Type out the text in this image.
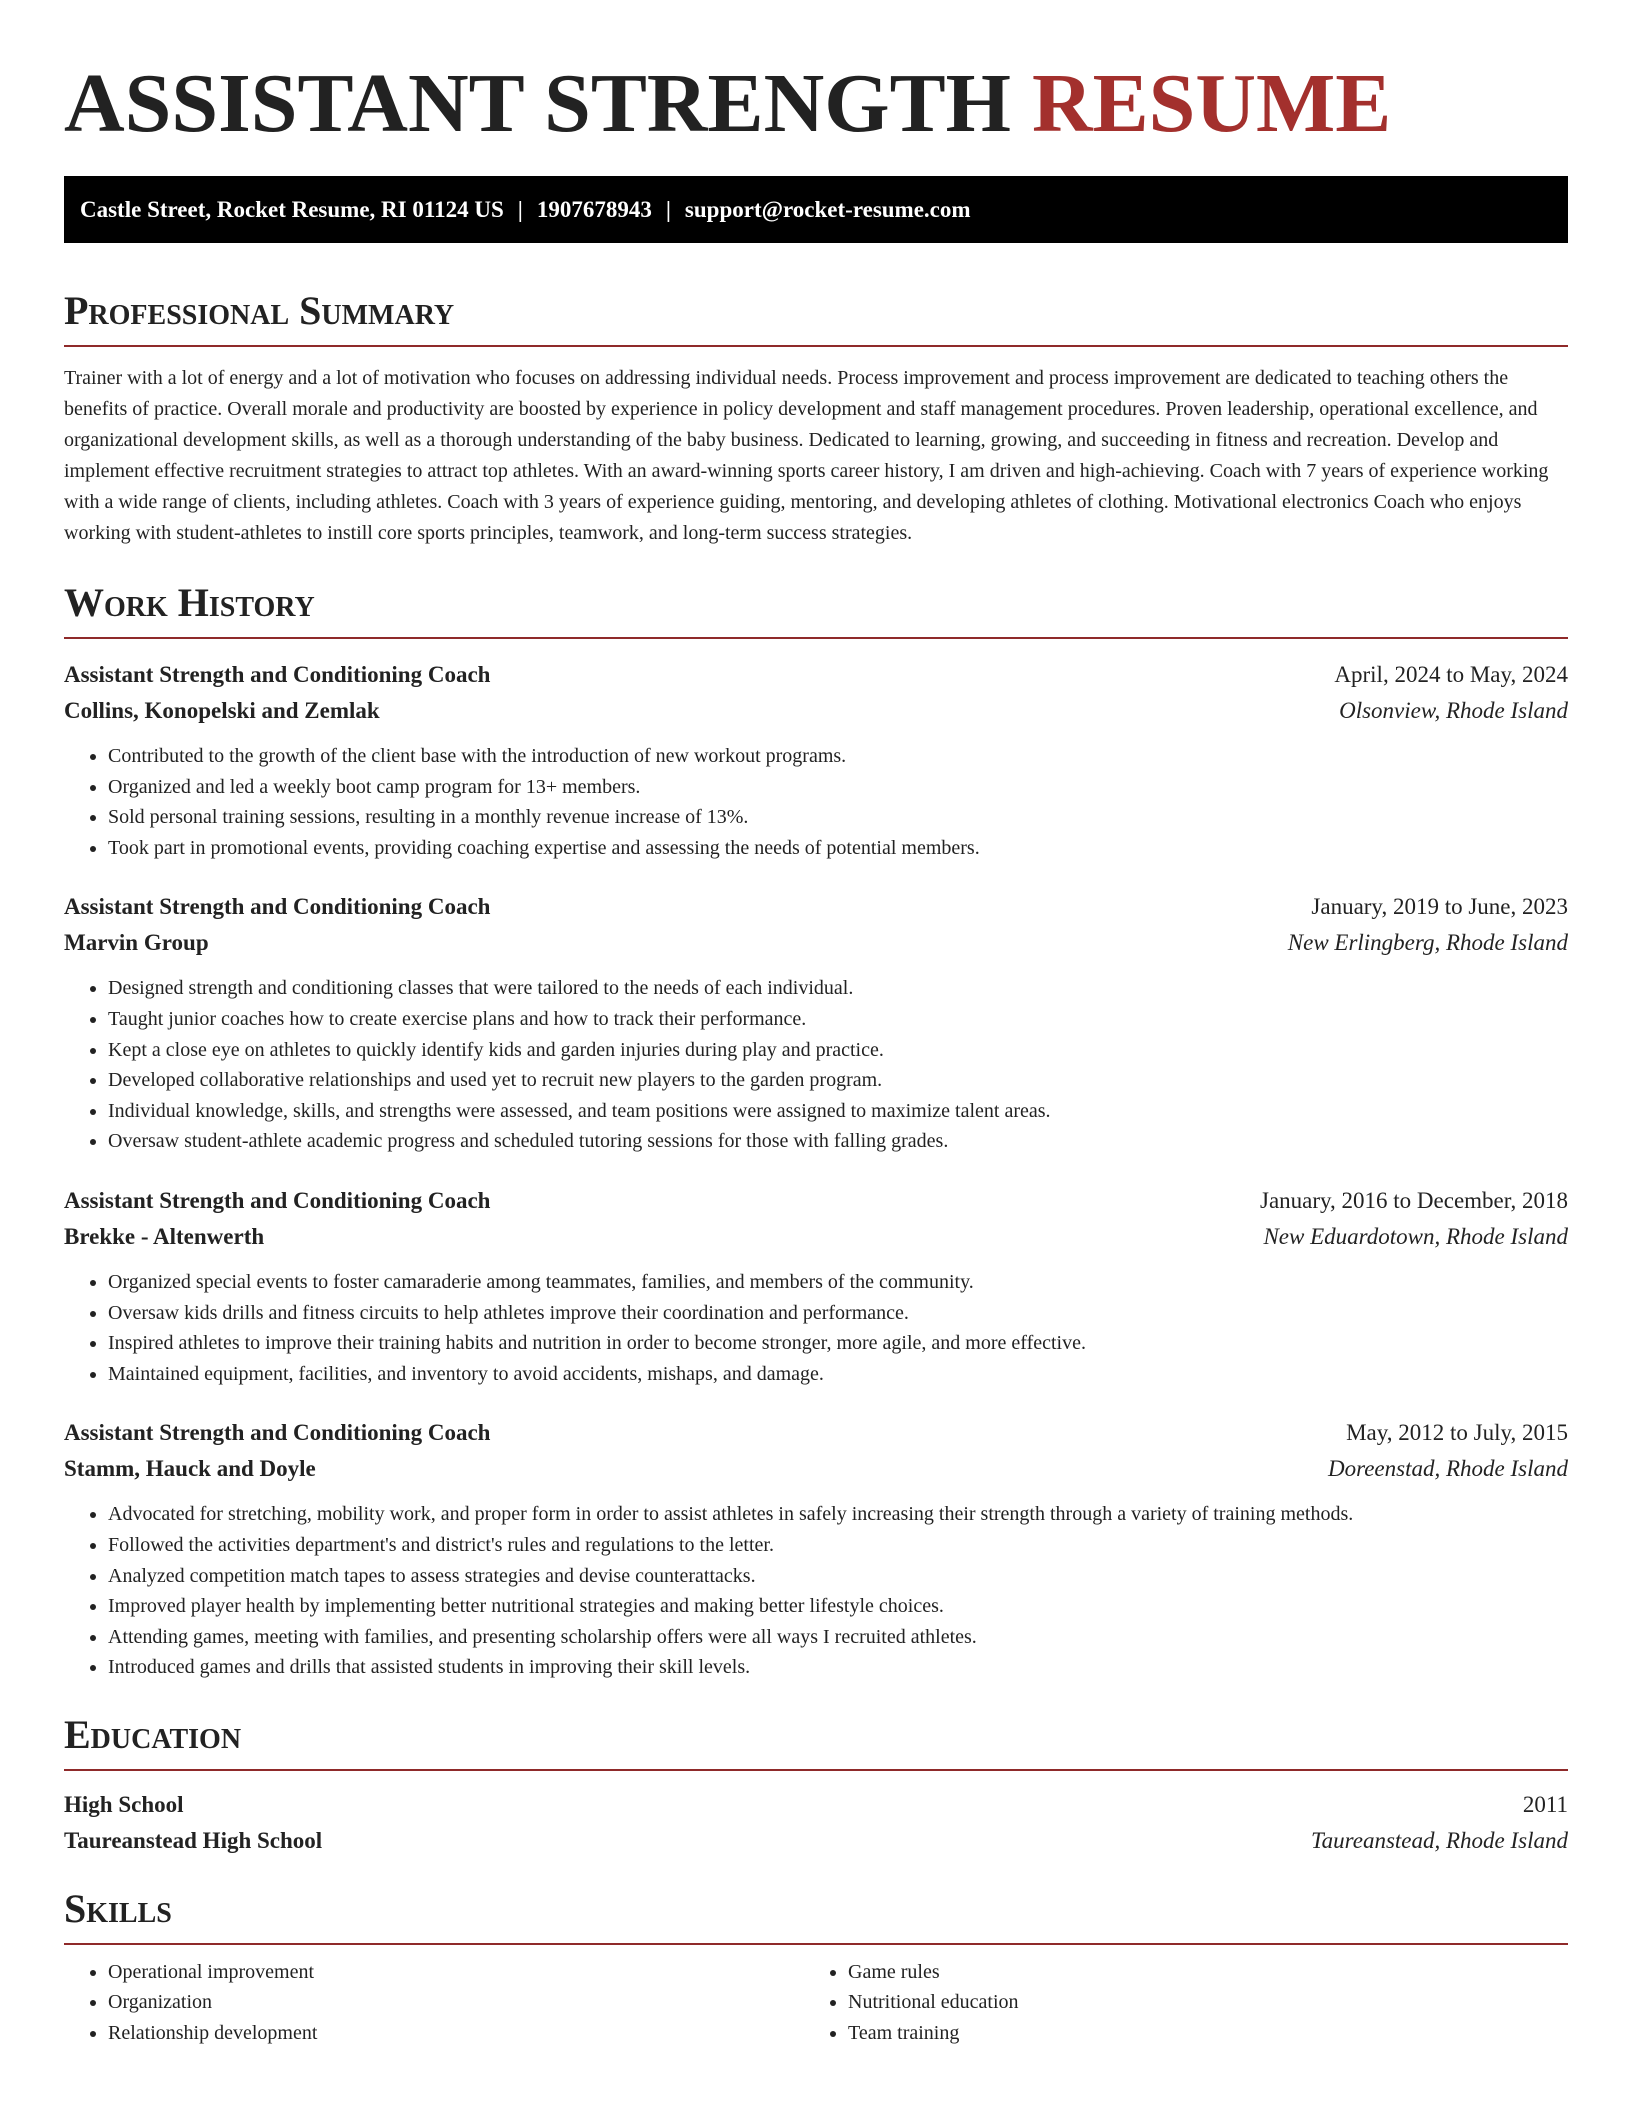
ASSISTANT STRENGTH RESUME
Castle Street, Rocket Resume, RI 01124 US | 1907678943 | support@rocket-resume.com
Professional Summary

Trainer with a lot of energy and a lot of motivation who focuses on addressing individual needs. Process improvement and process improvement are dedicated to teaching others the benefits of practice. Overall morale and productivity are boosted by experience in policy development and staff management procedures. Proven leadership, operational excellence, and organizational development skills, as well as a thorough understanding of the baby business. Dedicated to learning, growing, and succeeding in fitness and recreation. Develop and implement effective recruitment strategies to attract top athletes. With an award-winning sports career history, I am driven and high-achieving. Coach with 7 years of experience working with a wide range of clients, including athletes. Coach with 3 years of experience guiding, mentoring, and developing athletes of clothing. Motivational electronics Coach who enjoys working with student-athletes to instill core sports principles, teamwork, and long-term success strategies.

Work History
Assistant Strength and Conditioning Coach	April, 2024 to May, 2024
Collins, Konopelski and Zemlak	Olsonview, Rhode Island
• Contributed to the growth of the client base with the introduction of new workout programs.
• Organized and led a weekly boot camp program for 13+ members.
• Sold personal training sessions, resulting in a monthly revenue increase of 13%.
• Took part in promotional events, providing coaching expertise and assessing the needs of potential members.
Assistant Strength and Conditioning Coach	January, 2019 to June, 2023
Marvin Group	New Erlingberg, Rhode Island
• Designed strength and conditioning classes that were tailored to the needs of each individual.
• Taught junior coaches how to create exercise plans and how to track their performance.
• Kept a close eye on athletes to quickly identify kids and garden injuries during play and practice.
• Developed collaborative relationships and used yet to recruit new players to the garden program.
• Individual knowledge, skills, and strengths were assessed, and team positions were assigned to maximize talent areas.
• Oversaw student-athlete academic progress and scheduled tutoring sessions for those with falling grades.
Assistant Strength and Conditioning Coach	January, 2016 to December, 2018
Brekke - Altenwerth	New Eduardotown, Rhode Island
• Organized special events to foster camaraderie among teammates, families, and members of the community.
• Oversaw kids drills and fitness circuits to help athletes improve their coordination and performance.
• Inspired athletes to improve their training habits and nutrition in order to become stronger, more agile, and more effective.
• Maintained equipment, facilities, and inventory to avoid accidents, mishaps, and damage.
Assistant Strength and Conditioning Coach	May, 2012 to July, 2015
Stamm, Hauck and Doyle	Doreenstad, Rhode Island
• Advocated for stretching, mobility work, and proper form in order to assist athletes in safely increasing their strength through a variety of training methods.
• Followed the activities department's and district's rules and regulations to the letter.
• Analyzed competition match tapes to assess strategies and devise counterattacks.
• Improved player health by implementing better nutritional strategies and making better lifestyle choices.
• Attending games, meeting with families, and presenting scholarship offers were all ways I recruited athletes.
• Introduced games and drills that assisted students in improving their skill levels.
Education
High School	2011
Taureanstead High School	Taureanstead, Rhode Island
Skills
• Operational improvement
• Organization
• Relationship development
• Game rules
• Nutritional education
• Team training
